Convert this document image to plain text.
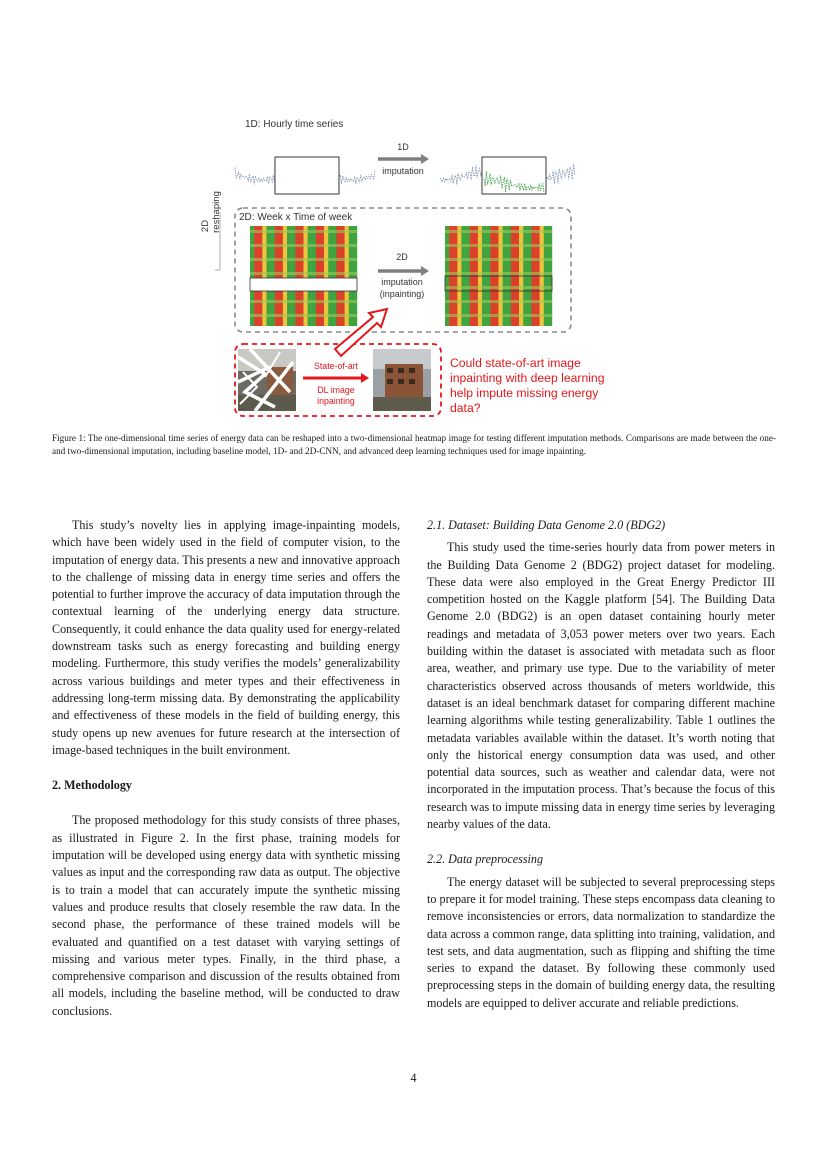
1D: Hourly time series
1D
imputation
2D reshaping 2D: Week x Time of week
2D
imputation
(inpainting)
State-of-art
DL image
inpainting
Could state-of-art image
inpainting with deep learning
help impute missing energy
data?
Figure 1: The one-dimensional time series of energy data can be reshaped into a two-dimensional heatmap image for testing different imputation methods. Comparisons are made between the one- and two-dimensional imputation, including baseline model, 1D- and 2D-CNN, and advanced deep learning techniques used for image inpainting.

This study’s novelty lies in applying image-inpainting models, which have been widely used in the field of computer vision, to the imputation of energy data. This presents a new and innovative approach to the challenge of missing data in energy time series and offers the potential to further improve the accuracy of data imputation through the contextual learning of the underlying energy data structure. Consequently, it could enhance the data quality used for energy-related downstream tasks such as energy forecasting and building energy modeling. Furthermore, this study verifies the models’ generalizability across various buildings and meter types and their effectiveness in addressing long-term missing data. By demonstrating the applicability and effectiveness of these models in the field of building energy, this study opens up new avenues for future research at the intersection of image-based techniques in the built environment.

2. Methodology

The proposed methodology for this study consists of three phases, as illustrated in Figure 2. In the first phase, training models for imputation will be developed using energy data with synthetic missing values as input and the corresponding raw data as output. The objective is to train a model that can accurately impute the synthetic missing values and produce results that closely resemble the raw data. In the second phase, the performance of these trained models will be evaluated and quantified on a test dataset with varying settings of missing and various meter types. Finally, in the third phase, a comprehensive comparison and discussion of the results obtained from all models, including the baseline method, will be conducted to draw conclusions.

2.1. Dataset: Building Data Genome 2.0 (BDG2)

This study used the time-series hourly data from power meters in the Building Data Genome 2 (BDG2) project dataset for modeling. These data were also employed in the Great Energy Predictor III competition hosted on the Kaggle platform [54]. The Building Data Genome 2.0 (BDG2) is an open dataset containing hourly meter readings and metadata of 3,053 power meters over two years. Each building within the dataset is associated with metadata such as floor area, weather, and primary use type. Due to the variability of meter characteristics observed across thousands of meters worldwide, this dataset is an ideal benchmark dataset for comparing different machine learning algorithms while testing generalizability. Table 1 outlines the metadata variables available within the dataset. It’s worth noting that only the historical energy consumption data was used, and other potential data sources, such as weather and calendar data, were not incorporated in the imputation process. That’s because the focus of this research was to impute missing data in energy time series by leveraging nearby values of the data.

2.2. Data preprocessing

The energy dataset will be subjected to several preprocessing steps to prepare it for model training. These steps encompass data cleaning to remove inconsistencies or errors, data normalization to standardize the data across a common range, data splitting into training, validation, and test sets, and data augmentation, such as flipping and shifting the time series to expand the dataset. By following these commonly used preprocessing steps in the domain of building energy data, the resulting models are equipped to deliver accurate and reliable predictions.

4
